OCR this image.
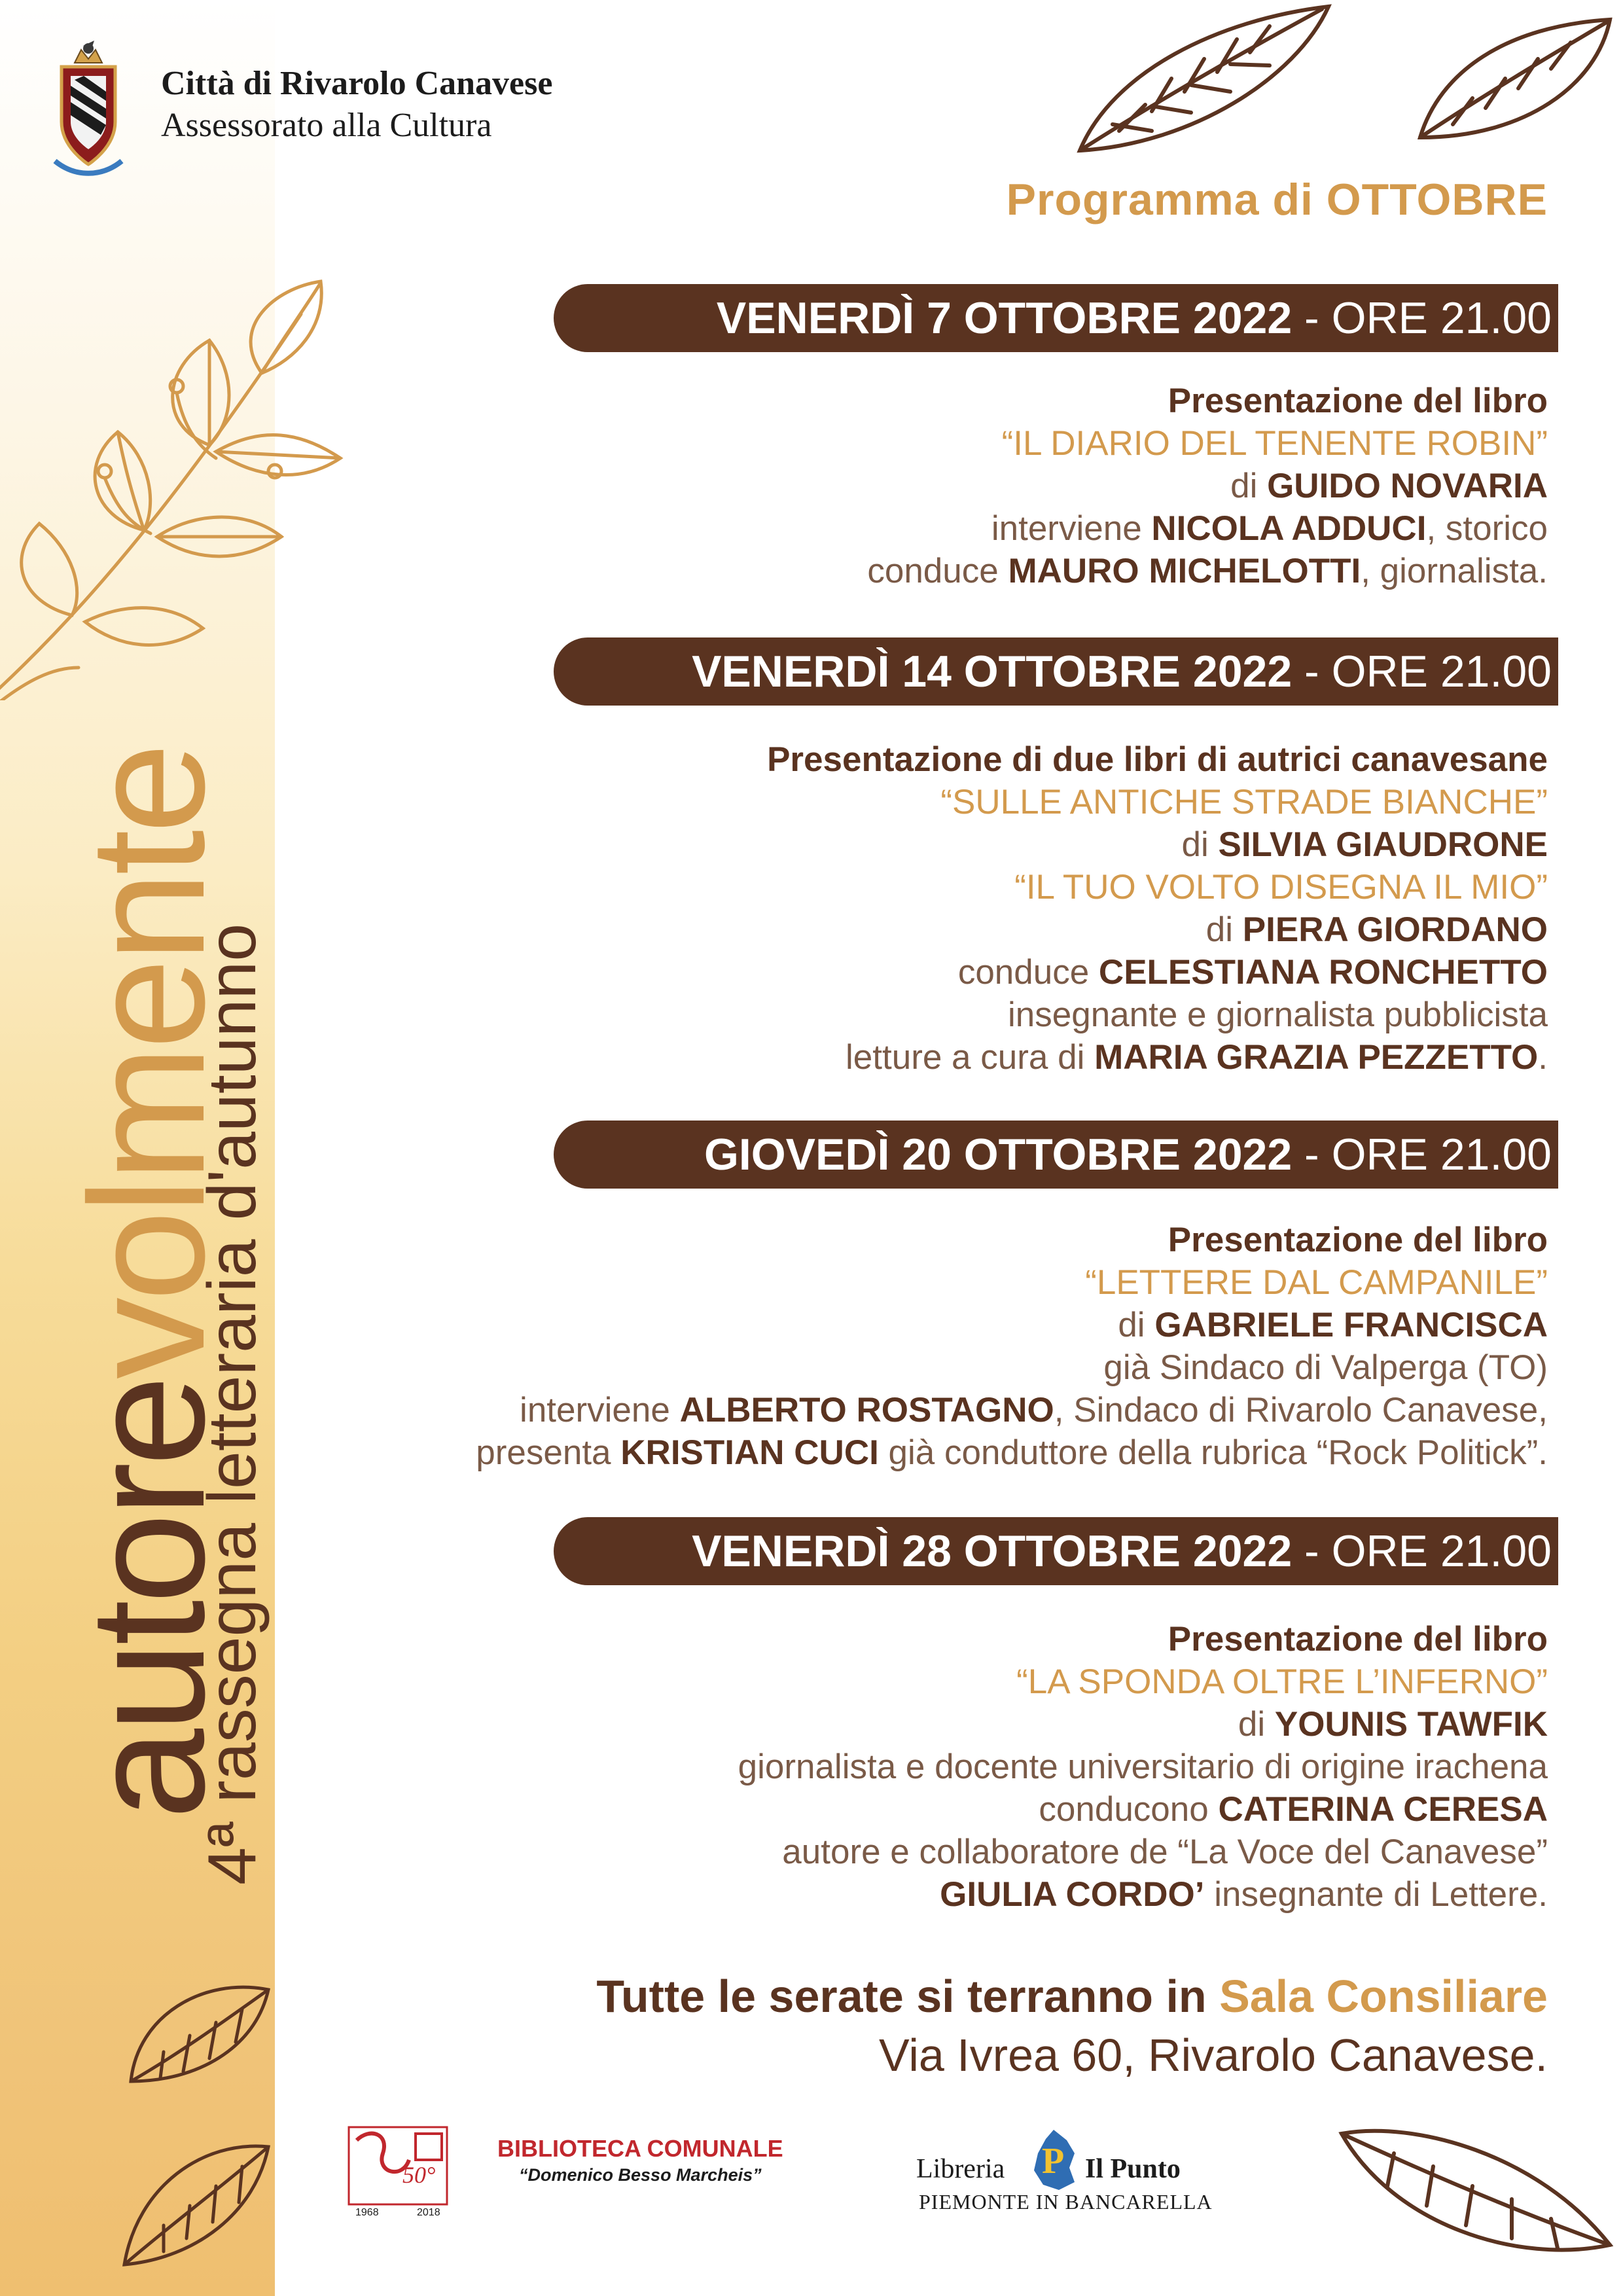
Città di Rivarolo Canavese
Assessorato alla Cultura
Programma di OTTOBRE
autorevolmente
4ª rassegna letteraria d'autunno
VENERDÌ 7 OTTOBRE 2022 - ORE 21.00
Presentazione del libro
“IL DIARIO DEL TENENTE ROBIN”
di GUIDO NOVARIA
interviene NICOLA ADDUCI, storico
conduce MAURO MICHELOTTI, giornalista.
VENERDÌ 14 OTTOBRE 2022 - ORE 21.00
Presentazione di due libri di autrici canavesane
“SULLE ANTICHE STRADE BIANCHE”
di SILVIA GIAUDRONE
“IL TUO VOLTO DISEGNA IL MIO”
di PIERA GIORDANO
conduce CELESTIANA RONCHETTO
insegnante e giornalista pubblicista
letture a cura di MARIA GRAZIA PEZZETTO.
GIOVEDÌ 20 OTTOBRE 2022 - ORE 21.00
Presentazione del libro
“LETTERE DAL CAMPANILE”
di GABRIELE FRANCISCA
già Sindaco di Valperga (TO)
interviene ALBERTO ROSTAGNO, Sindaco di Rivarolo Canavese,
presenta KRISTIAN CUCI già conduttore della rubrica “Rock Politick”.
VENERDÌ 28 OTTOBRE 2022 - ORE 21.00
Presentazione del libro
“LA SPONDA OLTRE L’INFERNO”
di YOUNIS TAWFIK
giornalista e docente universitario di origine irachena
conducono CATERINA CERESA
autore e collaboratore de “La Voce del Canavese”
GIULIA CORDO’ insegnante di Lettere.
Tutte le serate si terranno in Sala Consiliare
Via Ivrea 60, Rivarolo Canavese.
50°
1968	2018
BIBLIOTECA COMUNALE
“Domenico Besso Marcheis”	Libreria P Il Punto
PIEMONTE IN BANCARELLA
